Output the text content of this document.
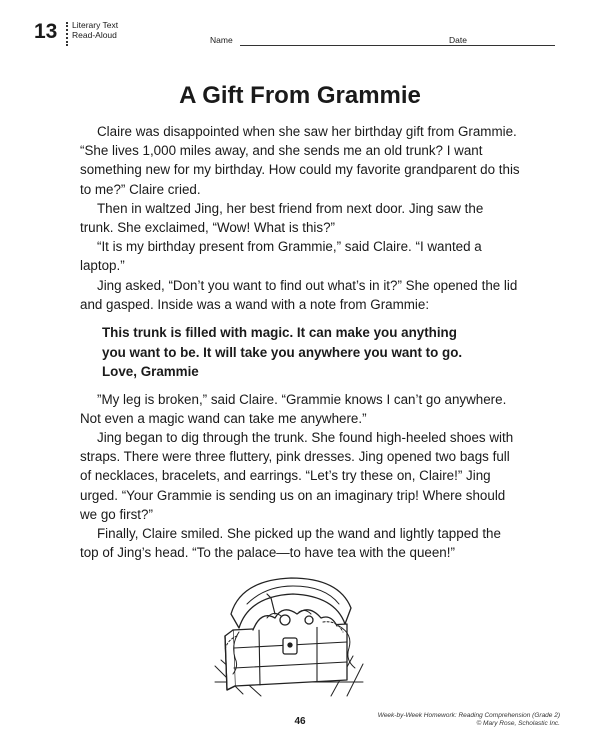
13 Literary Text
Read-Aloud	Name	Date
A Gift From Grammie

Claire was disappointed when she saw her birthday gift from Grammie. “She lives 1,000 miles away, and she sends me an old trunk? I want something new for my birthday. How could my favorite grandparent do this to me?” Claire cried.

Then in waltzed Jing, her best friend from next door. Jing saw the trunk. She exclaimed, “Wow! What is this?”

“It is my birthday present from Grammie,” said Claire. “I wanted a laptop.”

Jing asked, “Don’t you want to find out what’s in it?” She opened the lid and gasped. Inside was a wand with a note from Grammie:

This trunk is filled with magic. It can make you anything
you want to be. It will take you anywhere you want to go.
Love, Grammie

”My leg is broken,” said Claire. “Grammie knows I can’t go anywhere. Not even a magic wand can take me anywhere.”

Jing began to dig through the trunk. She found high-heeled shoes with straps. There were three fluttery, pink dresses. Jing opened two bags full of necklaces, bracelets, and earrings. “Let’s try these on, Claire!” Jing urged. “Your Grammie is sending us on an imaginary trip! Where should we go first?”

Finally, Claire smiled. She picked up the wand and lightly tapped the top of Jing’s head. “To the palace—to have tea with the queen!”

46
Week-by-Week Homework: Reading Comprehension (Grade 2)
© Mary Rose, Scholastic Inc.
